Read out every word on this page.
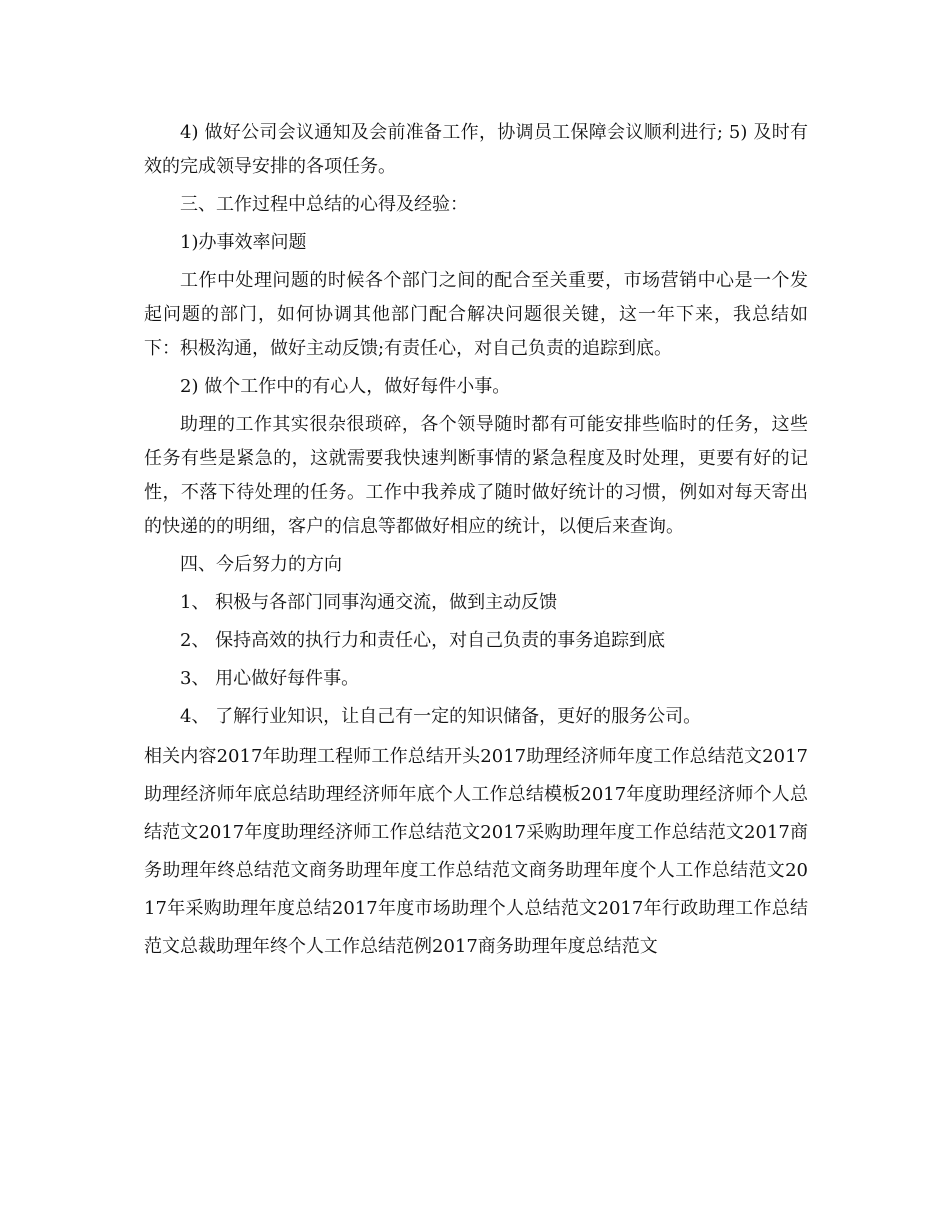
4) 做好公司会议通知及会前准备工作，协调员工保障会议顺利进行; 5) 及时有效的完成领导安排的各项任务。

三、工作过程中总结的心得及经验：

1)办事效率问题

工作中处理问题的时候各个部门之间的配合至关重要，市场营销中心是一个发起问题的部门，如何协调其他部门配合解决问题很关键，这一年下来，我总结如下：积极沟通，做好主动反馈;有责任心，对自己负责的追踪到底。

2) 做个工作中的有心人，做好每件小事。

助理的工作其实很杂很琐碎，各个领导随时都有可能安排些临时的任务，这些任务有些是紧急的，这就需要我快速判断事情的紧急程度及时处理，更要有好的记性，不落下待处理的任务。工作中我养成了随时做好统计的习惯，例如对每天寄出的快递的的明细，客户的信息等都做好相应的统计，以便后来查询。

四、今后努力的方向

1、 积极与各部门同事沟通交流，做到主动反馈

2、 保持高效的执行力和责任心，对自己负责的事务追踪到底

3、 用心做好每件事。

4、 了解行业知识，让自己有一定的知识储备，更好的服务公司。

相关内容2017年助理工程师工作总结开头2017助理经济师年度工作总结范文2017助理经济师年底总结助理经济师年底个人工作总结模板2017年度助理经济师个人总结范文2017年度助理经济师工作总结范文2017采购助理年度工作总结范文2017商务助理年终总结范文商务助理年度工作总结范文商务助理年度个人工作总结范文2017年采购助理年度总结2017年度市场助理个人总结范文2017年行政助理工作总结范文总裁助理年终个人工作总结范例2017商务助理年度总结范文
